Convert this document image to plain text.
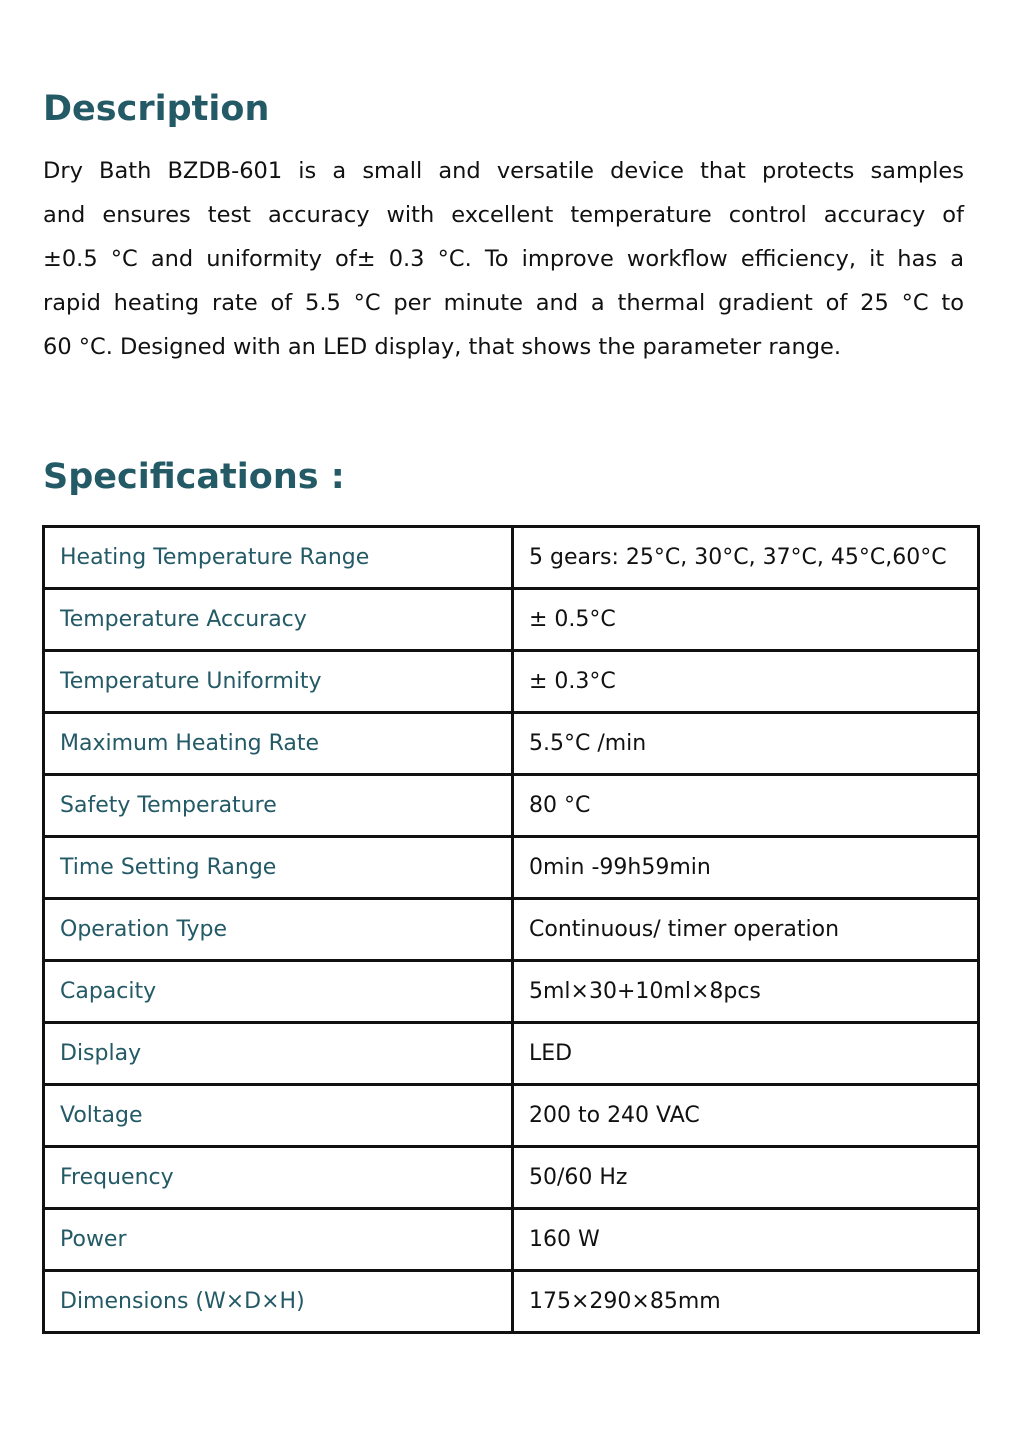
Description
Dry Bath BZDB-601 is a small and versatile device that protects samples
and ensures test accuracy with excellent temperature control accuracy of
±0.5 °C and uniformity of± 0.3 °C. To improve workflow efficiency, it has a
rapid heating rate of 5.5 °C per minute and a thermal gradient of 25 °C to
60 °C. Designed with an LED display, that shows the parameter range.
Specifications :
Heating Temperature Range	5 gears: 25°C, 30°C, 37°C, 45°C,60°C
Temperature Accuracy	± 0.5°C
Temperature Uniformity	± 0.3°C
Maximum Heating Rate	5.5°C /min
Safety Temperature	80 °C
Time Setting Range	0min -99h59min
Operation Type	Continuous/ timer operation
Capacity	5ml×30+10ml×8pcs
Display	LED
Voltage	200 to 240 VAC
Frequency	50/60 Hz
Power	160 W
Dimensions (W×D×H)	175×290×85mm
